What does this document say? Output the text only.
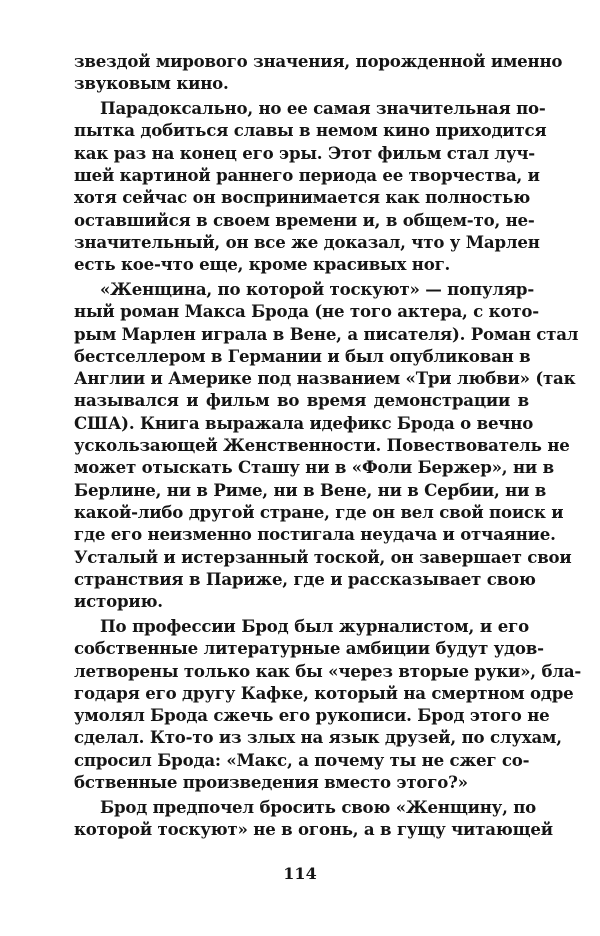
звездой мирового значения, порожденной именно
звуковым кино.
Парадоксально, но ее самая значительная по-
пытка добиться славы в немом кино приходится
как раз на конец его эры. Этот фильм стал луч-
шей картиной раннего периода ее творчества, и
хотя сейчас он воспринимается как полностью
оставшийся в своем времени и, в общем-то, не-
значительный, он все же доказал, что у Марлен
есть кое-что еще, кроме красивых ног.
«Женщина, по которой тоскуют» — популяр-
ный роман Макса Брода (не того актера, с кото-
рым Марлен играла в Вене, а писателя). Роман стал
бестселлером в Германии и был опубликован в
Англии и Америке под названием «Три любви» (так
назывался и фильм во время демонстрации в
США). Книга выражала идефикс Брода о вечно
ускользающей Женственности. Повествователь не
может отыскать Сташу ни в «Фоли Бержер», ни в
Берлине, ни в Риме, ни в Вене, ни в Сербии, ни в
какой-либо другой стране, где он вел свой поиск и
где его неизменно постигала неудача и отчаяние.
Усталый и истерзанный тоской, он завершает свои
странствия в Париже, где и рассказывает свою
историю.
По профессии Брод был журналистом, и его
собственные литературные амбиции будут удов-
летворены только как бы «через вторые руки», бла-
годаря его другу Кафке, который на смертном одре
умолял Брода сжечь его рукописи. Брод этого не
сделал. Кто-то из злых на язык друзей, по слухам,
спросил Брода: «Макс, а почему ты не сжег со-
бственные произведения вместо этого?»
Брод предпочел бросить свою «Женщину, по
которой тоскуют» не в огонь, а в гущу читающей
114
